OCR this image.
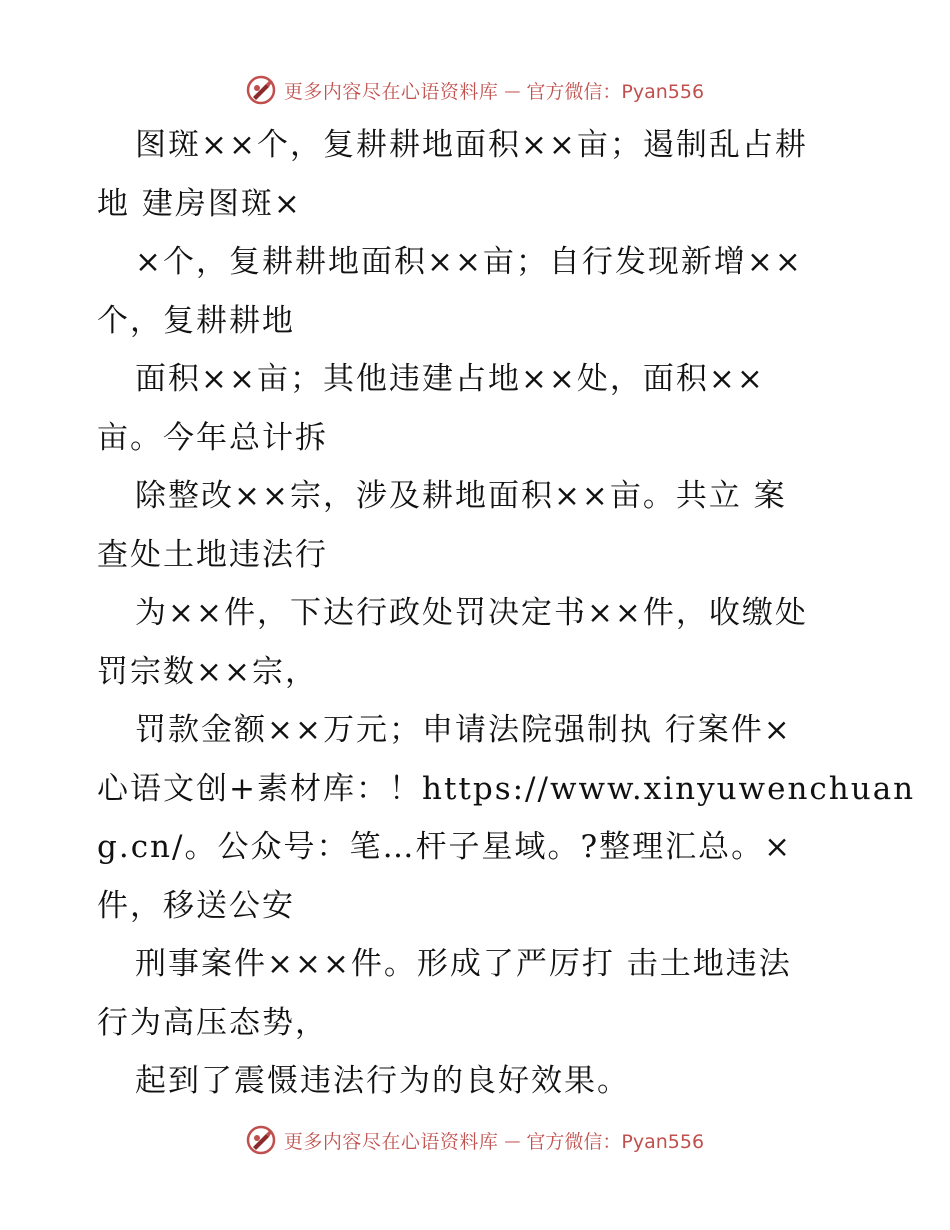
更多内容尽在心语资料库 — 官方微信：Pyan556
图斑××个，复耕耕地面积××亩；遏制乱占耕
地 建房图斑×
×个，复耕耕地面积××亩；自行发现新增××
个，复耕耕地
面积××亩；其他违建占地××处，面积××
亩。今年总计拆
除整改××宗，涉及耕地面积××亩。共立 案
查处土地违法行
为××件，下达行政处罚决定书××件，收缴处
罚宗数××宗，
罚款金额××万元；申请法院强制执 行案件×
心语文创+素材库：！https://www.xinyuwenchuan
g.cn/。公众号：笔…杆子星域。?整理汇总。×
件，移送公安
刑事案件×××件。形成了严厉打 击土地违法
行为高压态势，
起到了震慑违法行为的良好效果。
更多内容尽在心语资料库 — 官方微信：Pyan556
